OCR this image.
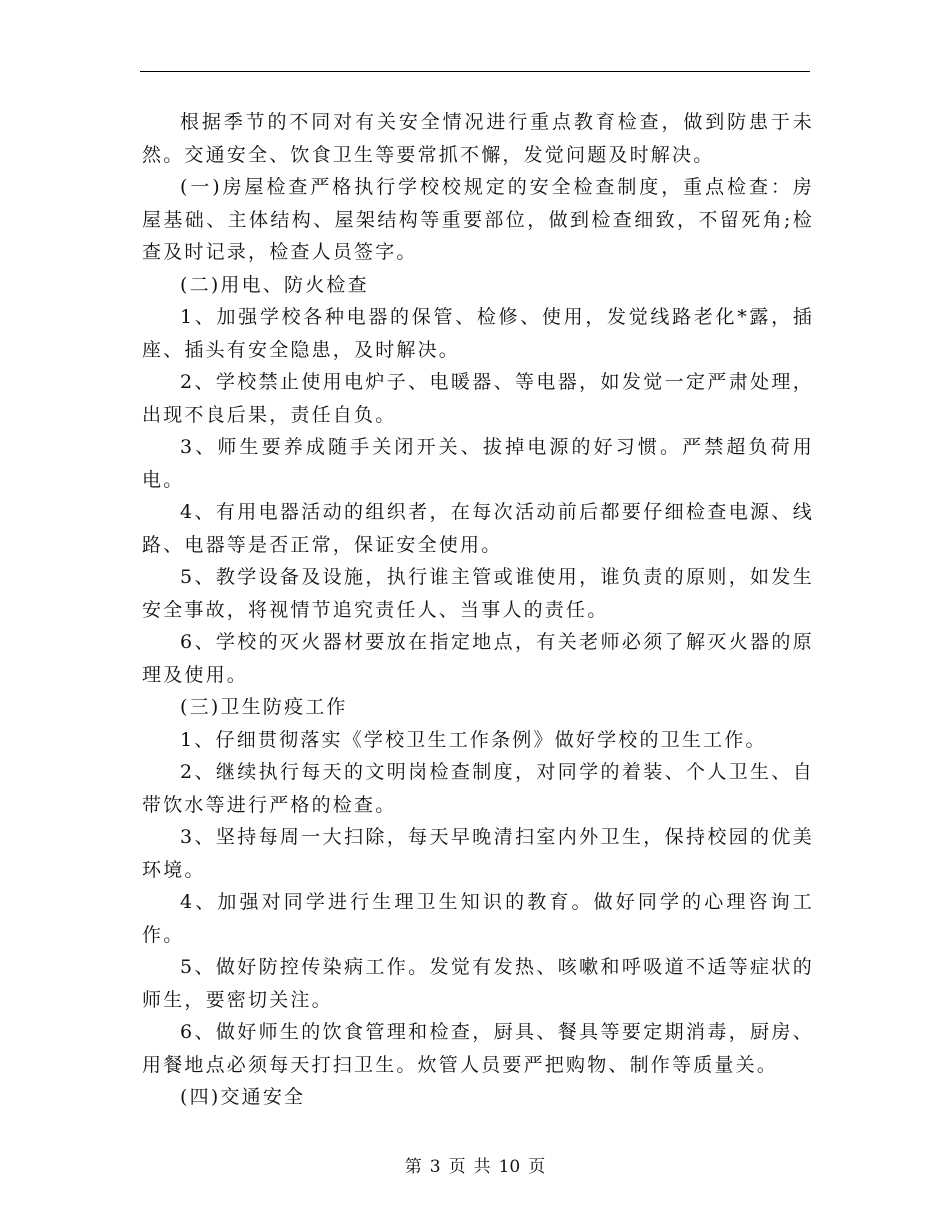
根据季节的不同对有关安全情况进行重点教育检查，做到防患于未然。交通安全、饮食卫生等要常抓不懈，发觉问题及时解决。

(一)房屋检查严格执行学校校规定的安全检查制度，重点检查：房屋基础、主体结构、屋架结构等重要部位，做到检查细致，不留死角;检查及时记录，检查人员签字。

(二)用电、防火检查

1、加强学校各种电器的保管、检修、使用，发觉线路老化*露，插座、插头有安全隐患，及时解决。

2、学校禁止使用电炉子、电暖器、等电器，如发觉一定严肃处理，出现不良后果，责任自负。

3、师生要养成随手关闭开关、拔掉电源的好习惯。严禁超负荷用电。

4、有用电器活动的组织者，在每次活动前后都要仔细检查电源、线路、电器等是否正常，保证安全使用。

5、教学设备及设施，执行谁主管或谁使用，谁负责的原则，如发生安全事故，将视情节追究责任人、当事人的责任。

6、学校的灭火器材要放在指定地点，有关老师必须了解灭火器的原理及使用。

(三)卫生防疫工作

1、仔细贯彻落实《学校卫生工作条例》做好学校的卫生工作。

2、继续执行每天的文明岗检查制度，对同学的着装、个人卫生、自带饮水等进行严格的检查。

3、坚持每周一大扫除，每天早晚清扫室内外卫生，保持校园的优美环境。

4、加强对同学进行生理卫生知识的教育。做好同学的心理咨询工作。

5、做好防控传染病工作。发觉有发热、咳嗽和呼吸道不适等症状的师生，要密切关注。

6、做好师生的饮食管理和检查，厨具、餐具等要定期消毒，厨房、用餐地点必须每天打扫卫生。炊管人员要严把购物、制作等质量关。

(四)交通安全

第 3 页 共 10 页
